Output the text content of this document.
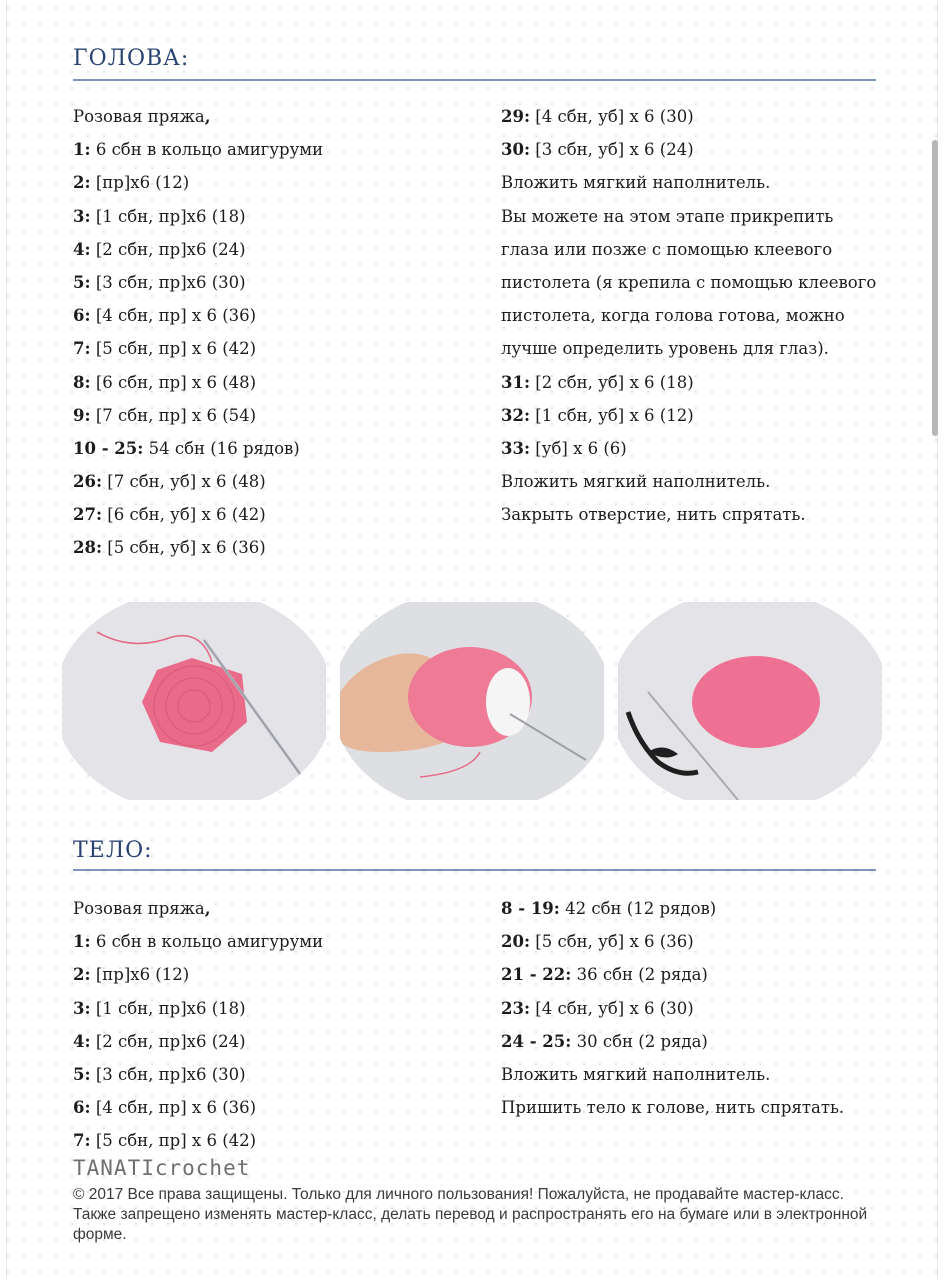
ГОЛОВА:
Розовая пряжа,
1: 6 сбн в кольцо амигуруми
2: [пр]х6 (12)
3: [1 сбн, пр]х6 (18)
4: [2 сбн, пр]х6 (24)
5: [3 сбн, пр]х6 (30)
6: [4 сбн, пр] х 6 (36)
7: [5 сбн, пр] х 6 (42)
8: [6 сбн, пр] х 6 (48)
9: [7 сбн, пр] х 6 (54)
10 - 25: 54 сбн (16 рядов)
26: [7 сбн, уб] х 6 (48)
27: [6 сбн, уб] х 6 (42)
28: [5 сбн, уб] х 6 (36)
29: [4 сбн, уб] х 6 (30)
30: [3 сбн, уб] х 6 (24)
Вложить мягкий наполнитель.
Вы можете на этом этапе прикрепить
глаза или позже с помощью клеевого
пистолета (я крепила с помощью клеевого
пистолета, когда голова готова, можно
лучше определить уровень для глаз).
31: [2 сбн, уб] х 6 (18)
32: [1 сбн, уб] х 6 (12)
33: [уб] х 6 (6)
Вложить мягкий наполнитель.
Закрыть отверстие, нить спрятать.
ТЕЛО:
Розовая пряжа,
1: 6 сбн в кольцо амигуруми
2: [пр]х6 (12)
3: [1 сбн, пр]х6 (18)
4: [2 сбн, пр]х6 (24)
5: [3 сбн, пр]х6 (30)
6: [4 сбн, пр] х 6 (36)
7: [5 сбн, пр] х 6 (42)
8 - 19: 42 сбн (12 рядов)
20: [5 сбн, уб] х 6 (36)
21 - 22: 36 сбн (2 ряда)
23: [4 сбн, уб] х 6 (30)
24 - 25: 30 сбн (2 ряда)
Вложить мягкий наполнитель.
Пришить тело к голове, нить спрятать.
TANATIcrochet
© 2017 Все права защищены. Только для личного пользования! Пожалуйста, не продавайте мастер-класс. Также запрещено изменять мастер-класс, делать перевод и распространять его на бумаге или в электронной форме.
